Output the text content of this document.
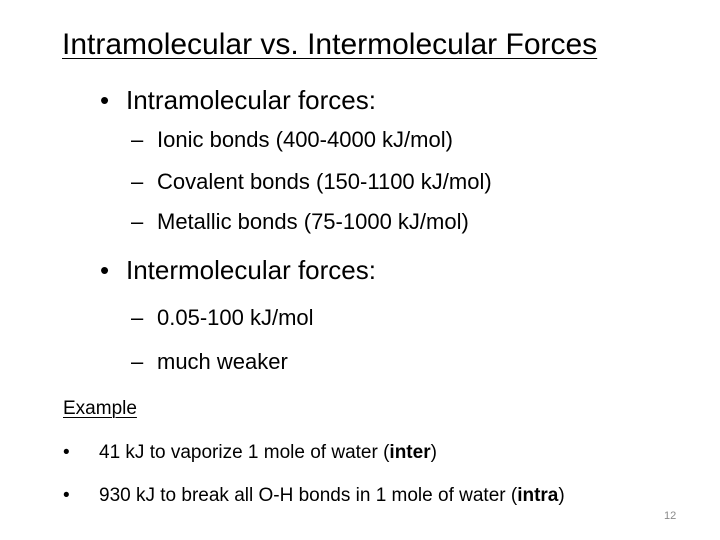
Intramolecular vs. Intermolecular Forces
• Intramolecular forces:
– Ionic bonds (400-4000 kJ/mol)
– Covalent bonds (150-1100 kJ/mol)
– Metallic bonds (75-1000 kJ/mol)
• Intermolecular forces:
– 0.05-100 kJ/mol
– much weaker
Example
• 41 kJ to vaporize 1 mole of water (inter)
• 930 kJ to break all O-H bonds in 1 mole of water (intra)
12
